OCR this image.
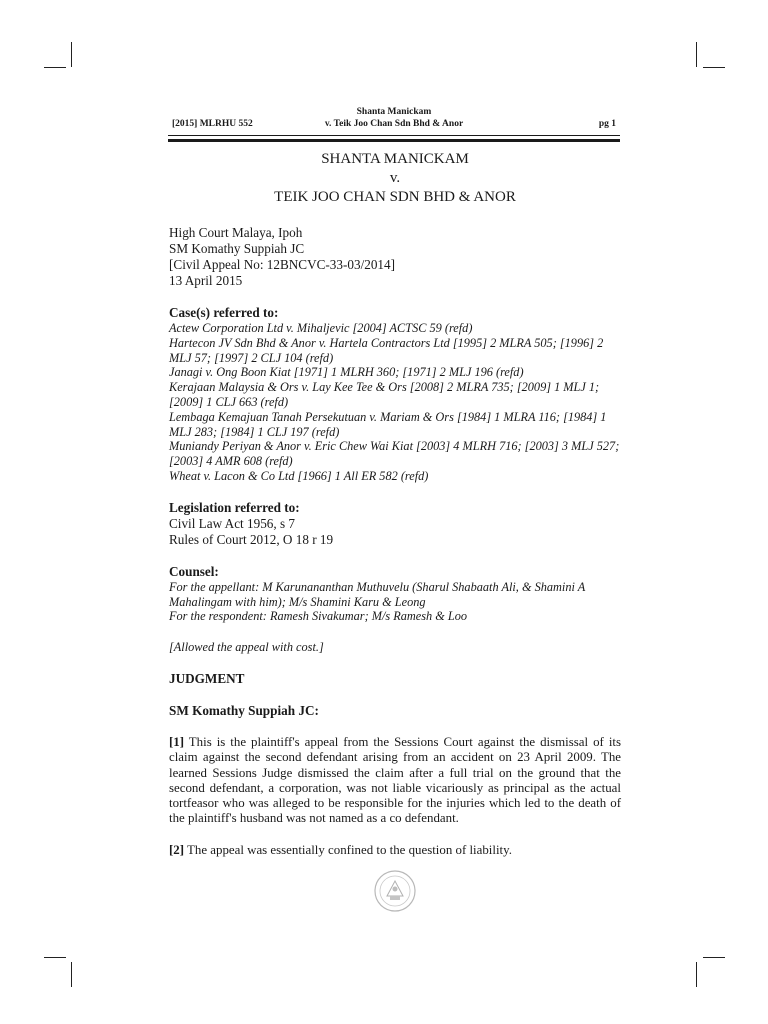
[2015] MLRHU 552
Shanta Manickam
v. Teik Joo Chan Sdn Bhd & Anor	pg 1
SHANTA MANICKAM
v.
TEIK JOO CHAN SDN BHD & ANOR
High Court Malaya, Ipoh
SM Komathy Suppiah JC
[Civil Appeal No: 12BNCVC-33-03/2014]
13 April 2015
Case(s) referred to:
Actew Corporation Ltd v. Mihaljevic [2004] ACTSC 59 (refd)
Hartecon JV Sdn Bhd & Anor v. Hartela Contractors Ltd [1995] 2 MLRA 505; [1996] 2 MLJ 57; [1997] 2 CLJ 104 (refd)
Janagi v. Ong Boon Kiat [1971] 1 MLRH 360; [1971] 2 MLJ 196 (refd)
Kerajaan Malaysia & Ors v. Lay Kee Tee & Ors [2008] 2 MLRA 735; [2009] 1 MLJ 1; [2009] 1 CLJ 663 (refd)
Lembaga Kemajuan Tanah Persekutuan v. Mariam & Ors [1984] 1 MLRA 116; [1984] 1 MLJ 283; [1984] 1 CLJ 197 (refd)
Muniandy Periyan & Anor v. Eric Chew Wai Kiat [2003] 4 MLRH 716; [2003] 3 MLJ 527; [2003] 4 AMR 608 (refd)
Wheat v. Lacon & Co Ltd [1966] 1 All ER 582 (refd)
Legislation referred to:
Civil Law Act 1956, s 7
Rules of Court 2012, O 18 r 19
Counsel:
For the appellant: M Karunananthan Muthuvelu (Sharul Shabaath Ali, & Shamini A Mahalingam with him); M/s Shamini Karu & Leong
For the respondent: Ramesh Sivakumar; M/s Ramesh & Loo
[Allowed the appeal with cost.]
JUDGMENT
SM Komathy Suppiah JC:
[1] This is the plaintiff's appeal from the Sessions Court against the dismissal of its claim against the second defendant arising from an accident on 23 April 2009. The learned Sessions Judge dismissed the claim after a full trial on the ground that the second defendant, a corporation, was not liable vicariously as principal as the actual tortfeasor who was alleged to be responsible for the injuries which led to the death of the plaintiff's husband was not named as a co defendant.
[2] The appeal was essentially confined to the question of liability.
